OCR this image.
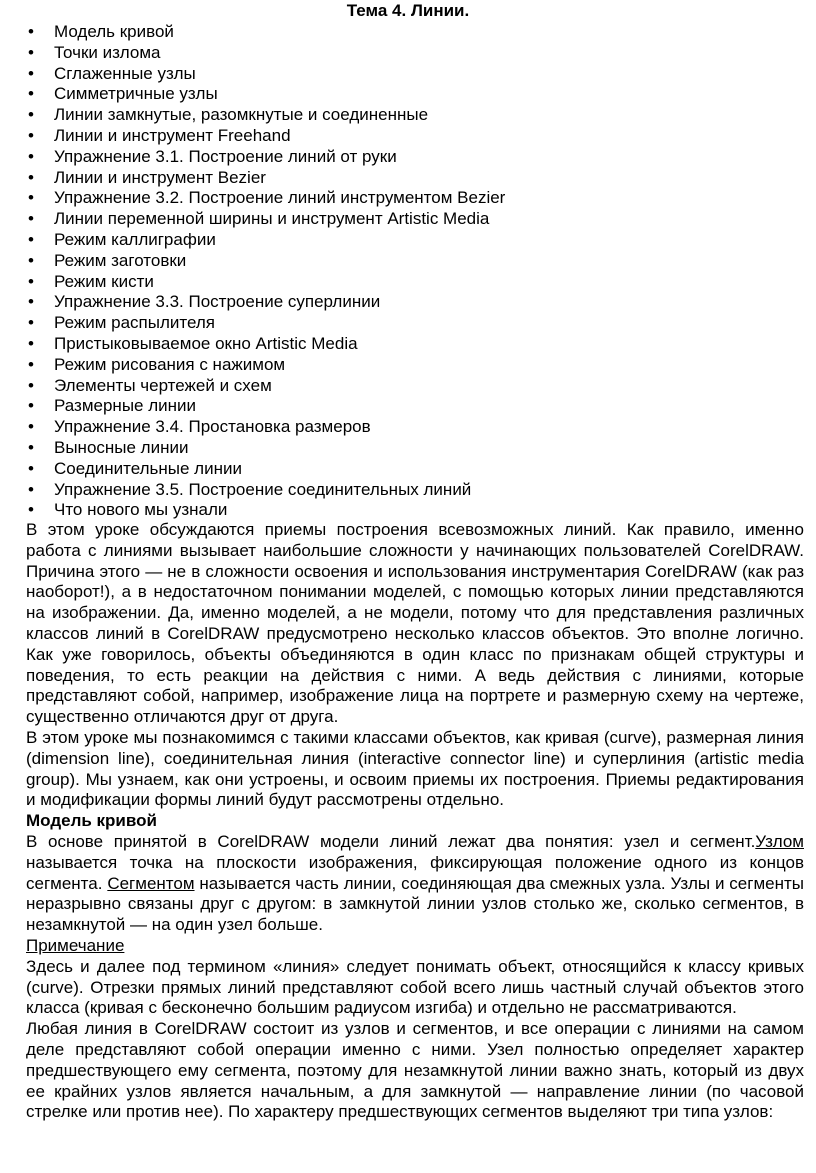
Тема 4. Линии.
• Модель кривой
• Точки излома
• Сглаженные узлы
• Симметричные узлы
• Линии замкнутые, разомкнутые и соединенные
• Линии и инструмент Freehand
• Упражнение 3.1. Построение линий от руки
• Линии и инструмент Bezier
• Упражнение 3.2. Построение линий инструментом Bezier
• Линии переменной ширины и инструмент Artistic Media
• Режим каллиграфии
• Режим заготовки
• Режим кисти
• Упражнение 3.3. Построение суперлинии
• Режим распылителя
• Пристыковываемое окно Artistic Media
• Режим рисования с нажимом
• Элементы чертежей и схем
• Размерные линии
• Упражнение 3.4. Простановка размеров
• Выносные линии
• Соединительные линии
• Упражнение 3.5. Построение соединительных линий
• Что нового мы узнали

В этом уроке обсуждаются приемы построения всевозможных линий. Как правило, именно работа с линиями вызывает наибольшие сложности у начинающих пользователей CorelDRAW. Причина этого — не в сложности освоения и использования инструментария CorelDRAW (как раз наоборот!), а в недостаточном понимании моделей, с помощью которых линии представляются на изображении. Да, именно моделей, а не модели, потому что для представления различных классов линий в CorelDRAW предусмотрено несколько классов объектов. Это вполне логично. Как уже говорилось, объекты объединяются в один класс по признакам общей структуры и поведения, то есть реакции на действия с ними. А ведь действия с линиями, которые представляют собой, например, изображение лица на портрете и размерную схему на чертеже, существенно отличаются друг от друга.

В этом уроке мы познакомимся с такими классами объектов, как кривая (curve), размерная линия (dimension line), соединительная линия (interactive connector line) и суперлиния (artistic media group). Мы узнаем, как они устроены, и освоим приемы их построения. Приемы редактирования и модификации формы линий будут рассмотрены отдельно.

Модель кривой

В основе принятой в CorelDRAW модели линий лежат два понятия: узел и сегмент.Узлом называется точка на плоскости изображения, фиксирующая положение одного из концов сегмента. Сегментом называется часть линии, соединяющая два смежных узла. Узлы и сегменты неразрывно связаны друг с другом: в замкнутой линии узлов столько же, сколько сегментов, в незамкнутой — на один узел больше.

Примечание

Здесь и далее под термином «линия» следует понимать объект, относящийся к классу кривых (curve). Отрезки прямых линий представляют собой всего лишь частный случай объектов этого класса (кривая с бесконечно большим радиусом изгиба) и отдельно не рассматриваются.

Любая линия в CorelDRAW состоит из узлов и сегментов, и все операции с линиями на самом деле представляют собой операции именно с ними. Узел полностью определяет характер предшествующего ему сегмента, поэтому для незамкнутой линии важно знать, который из двух ее крайних узлов является начальным, а для замкнутой — направление линии (по часовой стрелке или против нее). По характеру предшествующих сегментов выделяют три типа узлов:
